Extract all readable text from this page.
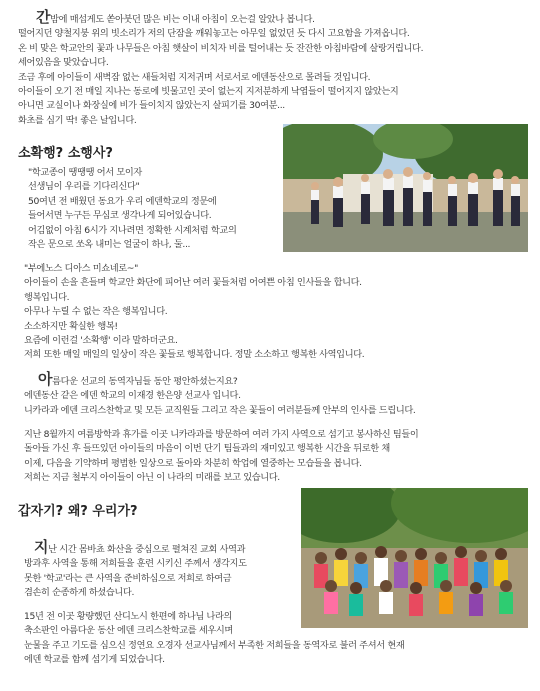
간밤에 매섭게도 쏟아붓던 많은 비는 이내 아침이 오는걸 알았나 봅니다.
떨어지던 양철지붕 위의 빗소리가 저의 단잠을 깨워놓고는 아무일 없었던 듯 다시 고요함을 가져옵니다.
온 비 맞은 학교안의 꽃과 나무들은 아침 햇살이 비치자 비를 털어내는 듯 잔잔한 아침바람에 살랑거립니다.
세어있음을 맞았습니다.
조금 후에 아이들이 새벽잠 없는 새들처럼 지저귀며 서로서로 에덴동산으로 몰려들 것입니다.
아이들이 오기 전 매일 지나는 동로에 빗물고인 곳이 없는지 지저분하게 낙엽들이 떨어지지 않았는지
아니면 교실이나 화장실에 비가 들이치지 않았는지 살피기를 30여분...
화초를 심기 딱! 좋은 날입니다.
소확행? 소행사?
"학교종이 땡땡땡 어서 모이자
선생님이 우리를 기다리신다"
50여년 전 배웠던 동요가 우리 에덴학교의 정문에
들어서면 누구든 무심코 생각나게 되어있습니다.
어김없이 아침 6시가 지나려면 정확한 시계처럼 학교의
작은 문으로 쏘옥 내미는 얼굴이 하나, 둘...
"부에노스 디아스 미쇼네로~"
아이들이 손을 흔들며 학교안 화단에 피어난 여러 꽃들처럼 어여쁜 아침 인사들을 합니다.
행복입니다.
아무나 누릴 수 없는 작은 행복입니다.
소소하지만 확실한 행복!
요즘에 이런걸 '소확행' 이라 말하더군요.
저희 또한 매일 매일의 일상이 작은 꽃들로 행복합니다. 정말 소소하고 행복한 사역입니다.
아름다운 선교의 동역자님들 동안 평안하셨는지요?
에덴동산 같은 에덴 학교의 이재경 한은양 선교사 입니다.
니카라과 에덴 크리스찬학교 및 모든 교직원들 그리고 작은 꽃들이 여러분들께 안부의 인사를 드립니다.
지난 8월까지 여름방학과 휴가를 이곳 니카라과를 방문하여 여러 가지 사역으로 섬기고 봉사하신 팀들이
돌아들 가신 후 들뜨있던 아이들의 마음이 이번 단기 팀들과의 재미있고 행복한 시간을 뒤로한 채
이제, 다음을 기약하며 평범한 일상으로 돌아와 차분히 학업에 열중하는 모습들을 봅니다.
저희는 지금 철부지 아이들이 아닌 이 나라의 미래를 보고 있습니다.
갑자기? 왜? 우리가?
지난 시간 몸바쵸 화산을 중심으로 펼쳐진 교회 사역과
방과후 사역을 통해 저희들을 훈련 시키신 주께서 생각지도
못한 '학교'라는 큰 사역을 준비하심으로 저희로 하여금
겸손히 순종하게 하셨습니다.
15년 전 이곳 황량했던 산디노시 한편에 하나님 나라의
축소판인 아름다운 동산 에덴 크리스찬학교를 세우시며
눈물을 주고 기도를 심으신 정연요 오경자 선교사님께서 부족한 저희들을 동역자로 불러 주셔서 현재
에덴 학교를 함께 섬기게 되었습니다.
